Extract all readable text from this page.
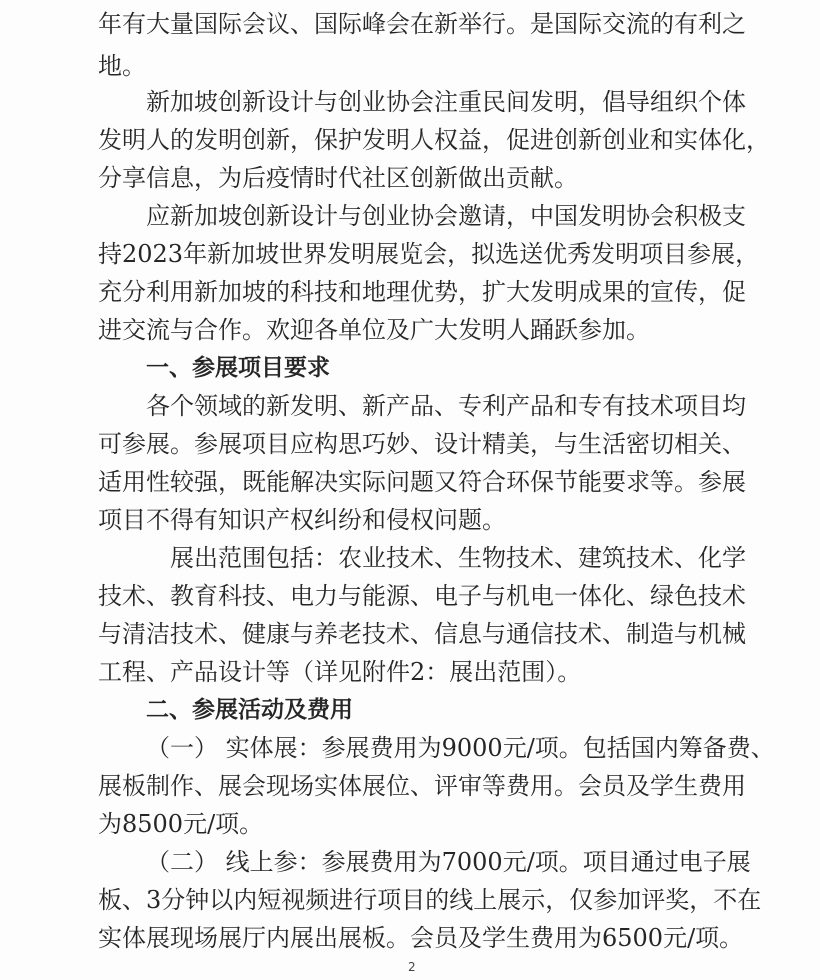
年有大量国际会议、国际峰会在新举行。是国际交流的有利之
地。
新加坡创新设计与创业协会注重民间发明，倡导组织个体
发明人的发明创新，保护发明人权益，促进创新创业和实体化，
分享信息，为后疫情时代社区创新做出贡献。
应新加坡创新设计与创业协会邀请，中国发明协会积极支
持2023年新加坡世界发明展览会，拟选送优秀发明项目参展，
充分利用新加坡的科技和地理优势，扩大发明成果的宣传，促
进交流与合作。欢迎各单位及广大发明人踊跃参加。
一、参展项目要求
各个领域的新发明、新产品、专利产品和专有技术项目均
可参展。参展项目应构思巧妙、设计精美，与生活密切相关、
适用性较强，既能解决实际问题又符合环保节能要求等。参展
项目不得有知识产权纠纷和侵权问题。
展出范围包括：农业技术、生物技术、建筑技术、化学
技术、教育科技、电力与能源、电子与机电一体化、绿色技术
与清洁技术、健康与养老技术、信息与通信技术、制造与机械
工程、产品设计等（详见附件2：展出范围）。
二、参展活动及费用
（一） 实体展：参展费用为9000元/项。包括国内筹备费、
展板制作、展会现场实体展位、评审等费用。会员及学生费用
为8500元/项。
（二） 线上参：参展费用为7000元/项。项目通过电子展
板、3分钟以内短视频进行项目的线上展示，仅参加评奖，不在
实体展现场展厅内展出展板。会员及学生费用为6500元/项。
2
